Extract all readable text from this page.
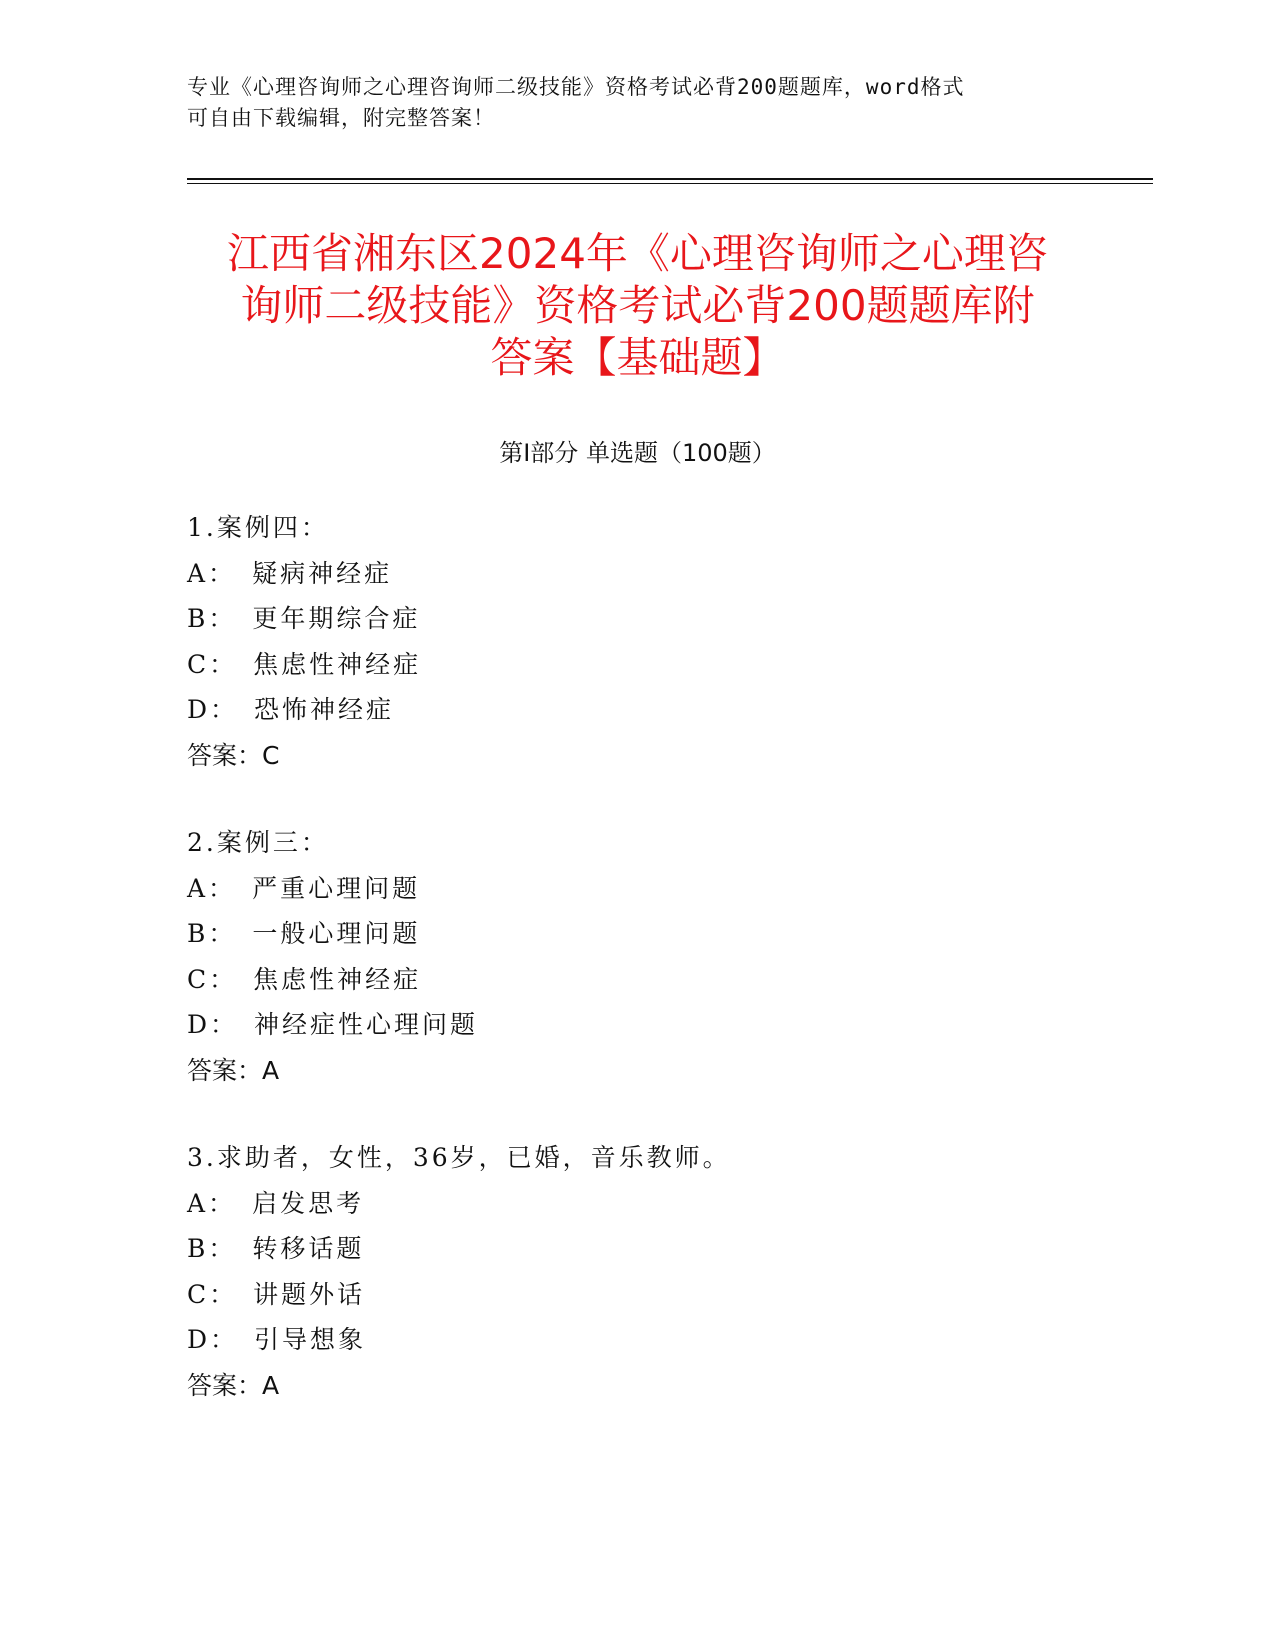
专业《心理咨询师之心理咨询师二级技能》资格考试必背200题题库，word格式
可自由下载编辑，附完整答案！
江西省湘东区2024年《心理咨询师之心理咨
询师二级技能》资格考试必背200题题库附
答案【基础题】
第Ⅰ部分 单选题（100题）
1.案例四：
A： 疑病神经症
B： 更年期综合症
C： 焦虑性神经症
D： 恐怖神经症
答案：C
2.案例三：
A： 严重心理问题
B： 一般心理问题
C： 焦虑性神经症
D： 神经症性心理问题
答案：A
3.求助者，女性，36岁，已婚，音乐教师。
A： 启发思考
B： 转移话题
C： 讲题外话
D： 引导想象
答案：A
